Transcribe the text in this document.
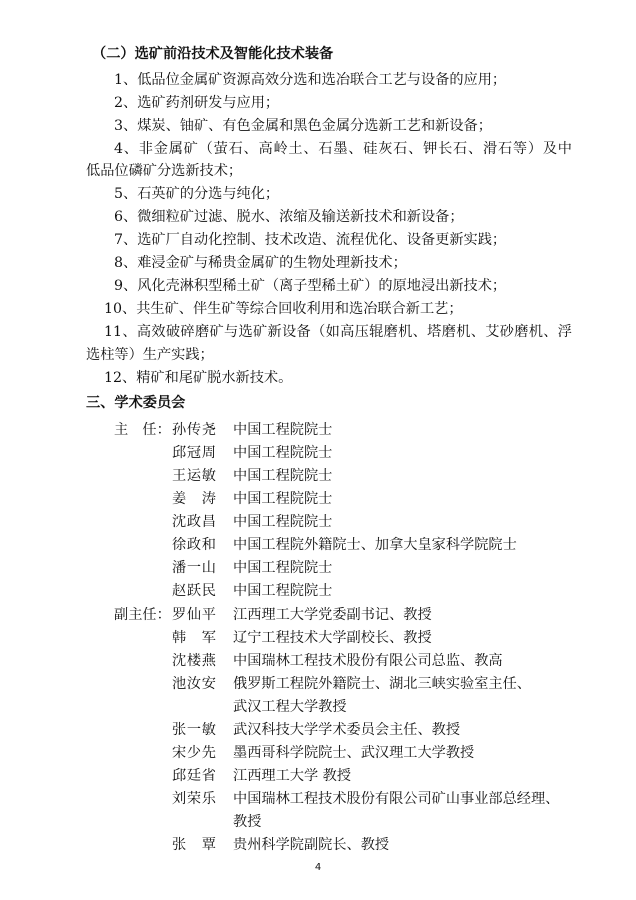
（二）选矿前沿技术及智能化技术装备
1、低品位金属矿资源高效分选和选冶联合工艺与设备的应用；
2、选矿药剂研发与应用；
3、煤炭、铀矿、有色金属和黑色金属分选新工艺和新设备；
4、非金属矿（萤石、高岭土、石墨、硅灰石、钾长石、滑石等）及中
低品位磷矿分选新技术；
5、石英矿的分选与纯化；
6、微细粒矿过滤、脱水、浓缩及输送新技术和新设备；
7、选矿厂自动化控制、技术改造、流程优化、设备更新实践；
8、难浸金矿与稀贵金属矿的生物处理新技术；
9、风化壳淋积型稀土矿（离子型稀土矿）的原地浸出新技术；
10、共生矿、伴生矿等综合回收利用和选冶联合新工艺；
11、高效破碎磨矿与选矿新设备（如高压辊磨机、塔磨机、艾砂磨机、浮
选柱等）生产实践；
12、精矿和尾矿脱水新技术。
三、学术委员会
主　任： 孙传尧 中国工程院院士
邱冠周 中国工程院院士
王运敏 中国工程院院士
姜　涛 中国工程院院士
沈政昌 中国工程院院士
徐政和 中国工程院外籍院士、加拿大皇家科学院院士
潘一山 中国工程院院士
赵跃民 中国工程院院士
副主任： 罗仙平 江西理工大学党委副书记、教授
韩　军 辽宁工程技术大学副校长、教授
沈楼燕 中国瑞林工程技术股份有限公司总监、教高
池汝安 俄罗斯工程院外籍院士、湖北三峡实验室主任、
武汉工程大学教授
张一敏 武汉科技大学学术委员会主任、教授
宋少先 墨西哥科学院院士、武汉理工大学教授
邱廷省 江西理工大学 教授
刘荣乐 中国瑞林工程技术股份有限公司矿山事业部总经理、
教授
张　覃 贵州科学院副院长、教授
4
